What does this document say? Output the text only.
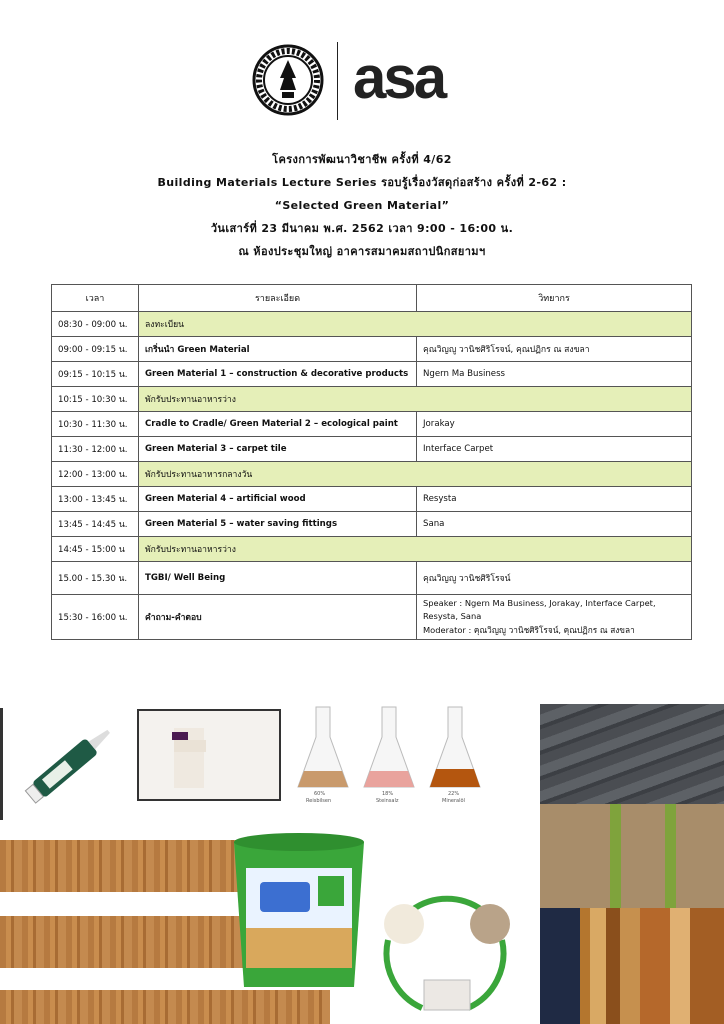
asa
โครงการพัฒนาวิชาชีพ ครั้งที่ 4/62
Building Materials Lecture Series รอบรู้เรื่องวัสดุก่อสร้าง ครั้งที่ 2-62 :
“Selected Green Material”
วันเสาร์ที่ 23 มีนาคม พ.ศ. 2562 เวลา 9:00 - 16:00 น.
ณ ห้องประชุมใหญ่ อาคารสมาคมสถาปนิกสยามฯ
เวลา	รายละเอียด	วิทยากร
08:30 - 09:00 น.	ลงทะเบียน	
09:00 - 09:15 น.	เกริ่นนำ Green Material	คุณวิญญู วานิชศิริโรจน์, คุณปฏิกร ณ สงขลา
09:15 - 10:15 น.	Green Material 1 – construction & decorative products	Ngern Ma Business
10:15 - 10:30 น.	พักรับประทานอาหารว่าง	
10:30 - 11:30 น.	Cradle to Cradle/ Green Material 2 – ecological paint	Jorakay
11:30 - 12:00 น.	Green Material 3 – carpet tile	Interface Carpet
12:00 - 13:00 น.	พักรับประทานอาหารกลางวัน	
13:00 - 13:45 น.	Green Material 4 – artificial wood	Resysta
13:45 - 14:45 น.	Green Material 5 – water saving fittings	Sana
14:45 - 15:00 น	พักรับประทานอาหารว่าง	
15.00 - 15.30 น.	TGBI/ Well Being	คุณวิญญู วานิชศิริโรจน์
15:30 - 16:00 น.	คำถาม-คำตอบ	Speaker : Ngern Ma Business, Jorakay, Interface Carpet,
Resysta, Sana
Moderator : คุณวิญญู วานิชศิริโรจน์, คุณปฏิกร ณ สงขลา
60%	18%	22%
Reisbilsen	Steinsalz	Mineralöl
